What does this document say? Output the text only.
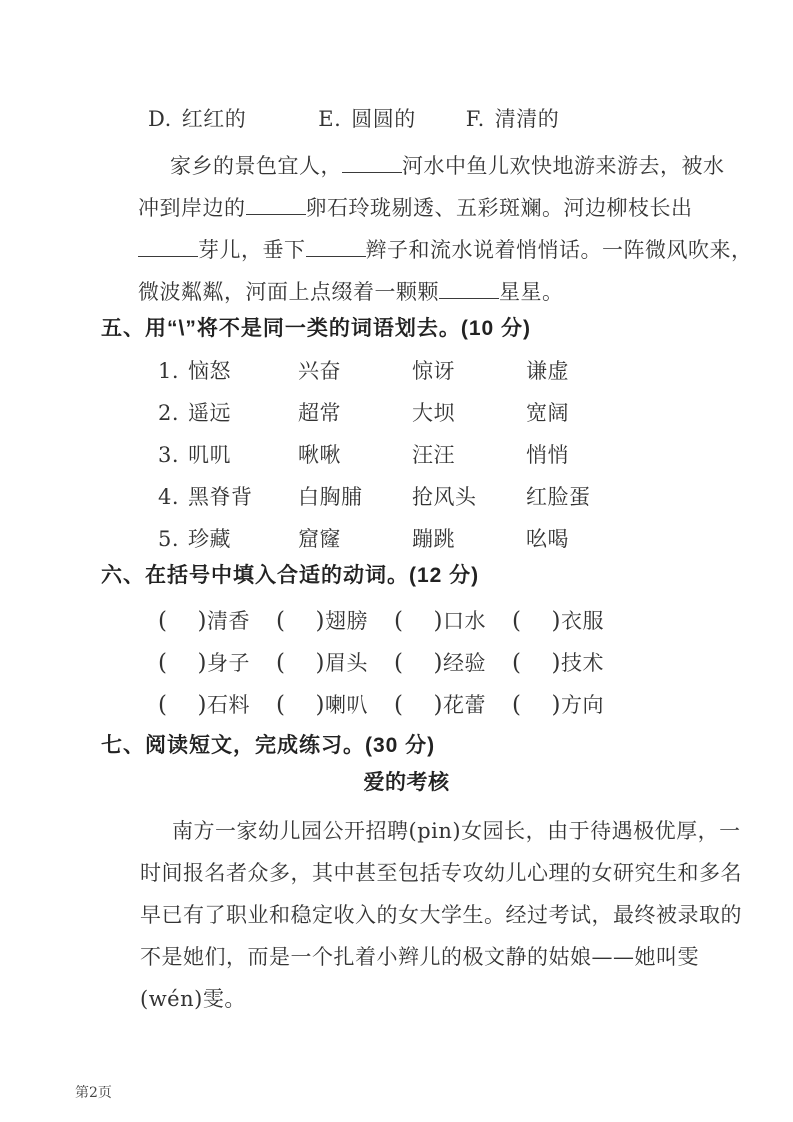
D. 红红的	E. 圆圆的 F. 清清的
家乡的景色宜人，	河水中鱼儿欢快地游来游去，被水
冲到岸边的	卵石玲珑剔透、五彩斑斓。河边柳枝长出
芽儿，垂下	辫子和流水说着悄悄话。一阵微风吹来，
微波粼粼，河面上点缀着一颗颗	星星。
五、用“\”将不是同一类的词语划去。(10 分)
1. 恼怒	兴奋	惊讶	谦虚
2. 遥远	超常	大坝	宽阔
3. 叽叽	啾啾	汪汪	悄悄
4. 黑脊背 白胸脯 抢风头 红脸蛋
5. 珍藏	窟窿	蹦跳	吆喝
六、在括号中填入合适的动词。(12 分)
( )清香 ( )翅膀 ( )口水 ( )衣服
( )身子 ( )眉头 ( )经验 ( )技术
( )石料 ( )喇叭 ( )花蕾 ( )方向
七、阅读短文，完成练习。(30 分)
爱的考核
南方一家幼儿园公开招聘(pin)女园长，由于待遇极优厚，一
时间报名者众多，其中甚至包括专攻幼儿心理的女研究生和多名
早已有了职业和稳定收入的女大学生。经过考试，最终被录取的
不是她们，而是一个扎着小辫儿的极文静的姑娘——她叫雯
(wén)雯。
第2页
